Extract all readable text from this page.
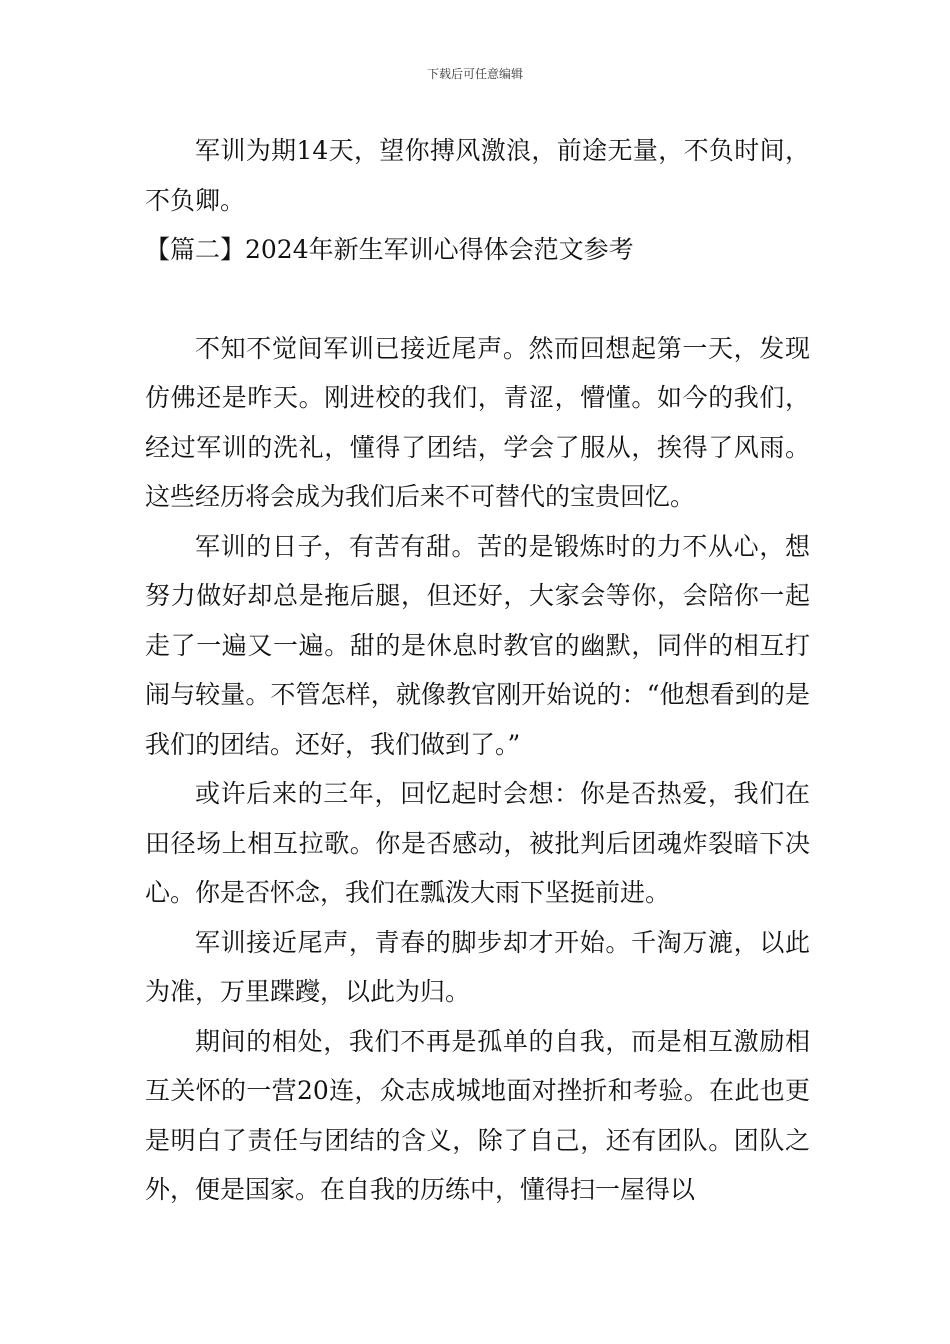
下载后可任意编辑

军训为期14天，望你搏风激浪，前途无量，不负时间，不负卿。

【篇二】2024年新生军训心得体会范文参考

不知不觉间军训已接近尾声。然而回想起第一天，发现仿佛还是昨天。刚进校的我们，青涩，懵懂。如今的我们，经过军训的洗礼，懂得了团结，学会了服从，挨得了风雨。这些经历将会成为我们后来不可替代的宝贵回忆。

军训的日子，有苦有甜。苦的是锻炼时的力不从心，想努力做好却总是拖后腿，但还好，大家会等你，会陪你一起走了一遍又一遍。甜的是休息时教官的幽默，同伴的相互打闹与较量。不管怎样，就像教官刚开始说的：“他想看到的是我们的团结。还好，我们做到了。”

或许后来的三年，回忆起时会想：你是否热爱，我们在田径场上相互拉歌。你是否感动，被批判后团魂炸裂暗下决心。你是否怀念，我们在瓢泼大雨下坚挺前进。

军训接近尾声，青春的脚步却才开始。千淘万漉，以此为准，万里蹀躞，以此为归。

期间的相处，我们不再是孤单的自我，而是相互激励相互关怀的一营20连，众志成城地面对挫折和考验。在此也更是明白了责任与团结的含义，除了自己，还有团队。团队之外，便是国家。在自我的历练中，懂得扫一屋得以
